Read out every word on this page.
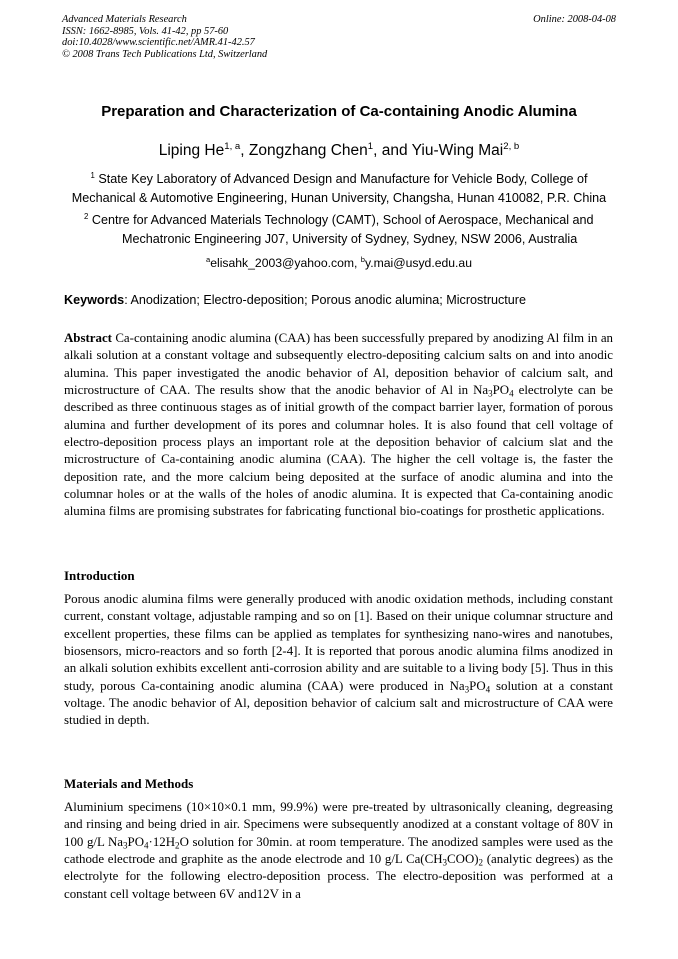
Advanced Materials Research
ISSN: 1662-8985, Vols. 41-42, pp 57-60
doi:10.4028/www.scientific.net/AMR.41-42.57
© 2008 Trans Tech Publications Ltd, Switzerland
Online: 2008-04-08
Preparation and Characterization of Ca-containing Anodic Alumina
Liping He$^{1, a}$, Zongzhang Chen$^1$, and Yiu-Wing Mai$^{2, b}$
$^1$ State Key Laboratory of Advanced Design and Manufacture for Vehicle Body, College of
Mechanical & Automotive Engineering, Hunan University, Changsha, Hunan 410082, P.R. China
$^2$ Centre for Advanced Materials Technology (CAMT), School of Aerospace, Mechanical and
Mechatronic Engineering J07, University of Sydney, Sydney, NSW 2006, Australia
$^a$elisahk_2003@yahoo.com, $^b$y.mai@usyd.edu.au
Keywords: Anodization; Electro-deposition; Porous anodic alumina; Microstructure
Abstract Ca-containing anodic alumina (CAA) has been successfully prepared by anodizing Al film in an alkali solution at a constant voltage and subsequently electro-depositing calcium salts on and into anodic alumina. This paper investigated the anodic behavior of Al, deposition behavior of calcium salt, and microstructure of CAA. The results show that the anodic behavior of Al in $Na_3PO_4$ electrolyte can be described as three continuous stages as of initial growth of the compact barrier layer, formation of porous alumina and further development of its pores and columnar holes. It is also found that cell voltage of electro-deposition process plays an important role at the deposition behavior of calcium slat and the microstructure of Ca-containing anodic alumina (CAA). The higher the cell voltage is, the faster the deposition rate, and the more calcium being deposited at the surface of anodic alumina and into the columnar holes or at the walls of the holes of anodic alumina. It is expected that Ca-containing anodic alumina films are promising substrates for fabricating functional bio-coatings for prosthetic applications.
Introduction
Porous anodic alumina films were generally produced with anodic oxidation methods, including constant current, constant voltage, adjustable ramping and so on [1]. Based on their unique columnar structure and excellent properties, these films can be applied as templates for synthesizing nano-wires and nanotubes, biosensors, micro-reactors and so forth [2-4]. It is reported that porous anodic alumina films anodized in an alkali solution exhibits excellent anti-corrosion ability and are suitable to a living body [5]. Thus in this study, porous Ca-containing anodic alumina (CAA) were produced in $Na_3PO_4$ solution at a constant voltage. The anodic behavior of Al, deposition behavior of calcium salt and microstructure of CAA were studied in depth.
Materials and Methods
Aluminium specimens (10×10×0.1 mm, 99.9%) were pre-treated by ultrasonically cleaning, degreasing and rinsing and being dried in air. Specimens were subsequently anodized at a constant voltage of 80V in 100 g/L $Na_3PO_4\cdot 12H_2O$ solution for 30min. at room temperature. The anodized samples were used as the cathode electrode and graphite as the anode electrode and 10 g/L $Ca(CH_3COO)_2$ (analytic degrees) as the electrolyte for the following electro-deposition process. The electro-deposition was performed at a constant cell voltage between 6V and12V in a
